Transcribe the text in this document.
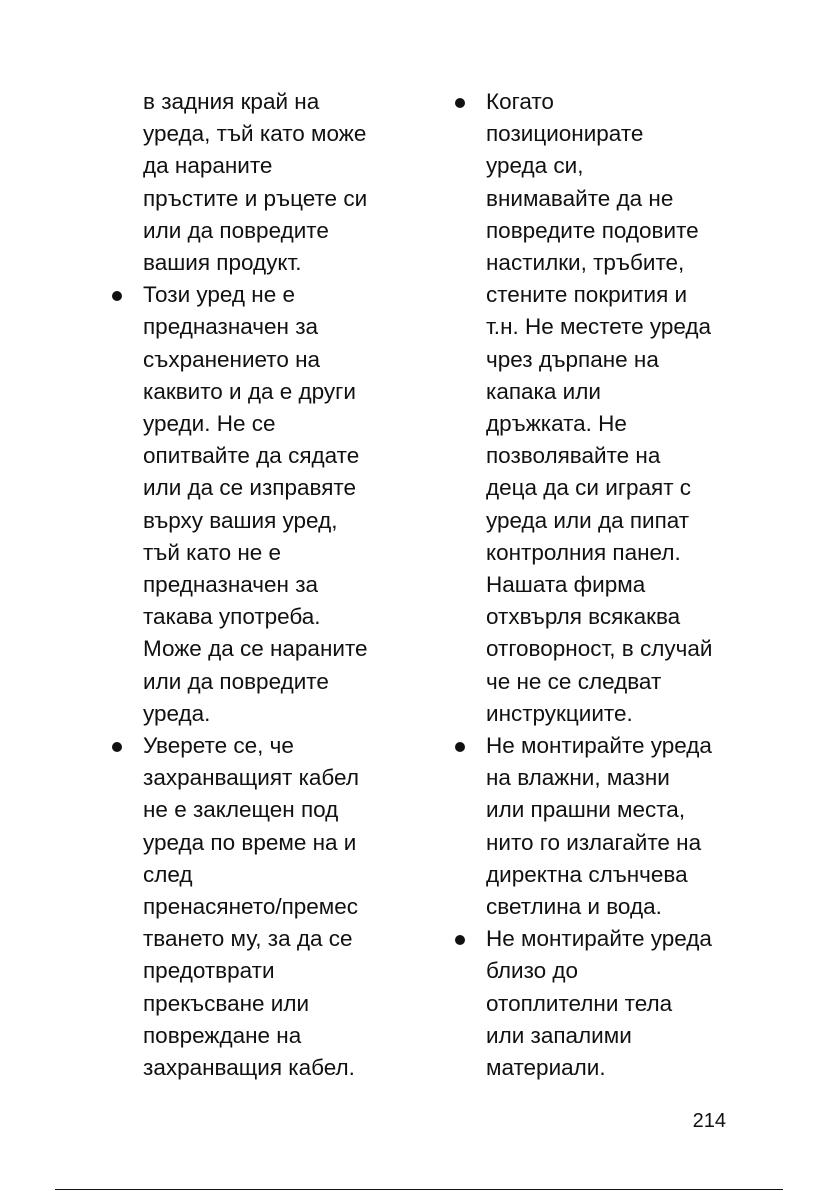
в задния край на
уреда, тъй като може
да нараните
пръстите и ръцете си
или да повредите
вашия продукт.
Този уред не е
предназначен за
съхранението на
каквито и да е други
уреди. Не се
опитвайте да сядате
или да се изправяте
върху вашия уред,
тъй като не е
предназначен за
такава употреба.
Може да се нараните
или да повредите
уреда.
Уверете се, че
захранващият кабел
не е заклещен под
уреда по време на и
след
пренасянето/премес
тването му, за да се
предотврати
прекъсване или
повреждане на
захранващия кабел.
Когато
позиционирате
уреда си,
внимавайте да не
повредите подовите
настилки, тръбите,
стените покрития и
т.н. Не местете уреда
чрез дърпане на
капака или
дръжката. Не
позволявайте на
деца да си играят с
уреда или да пипат
контролния панел.
Нашата фирма
отхвърля всякаква
отговорност, в случай
че не се следват
инструкциите.
Не монтирайте уреда
на влажни, мазни
или прашни места,
нито го излагайте на
директна слънчева
светлина и вода.
Не монтирайте уреда
близо до
отоплителни тела
или запалими
материали.
214
